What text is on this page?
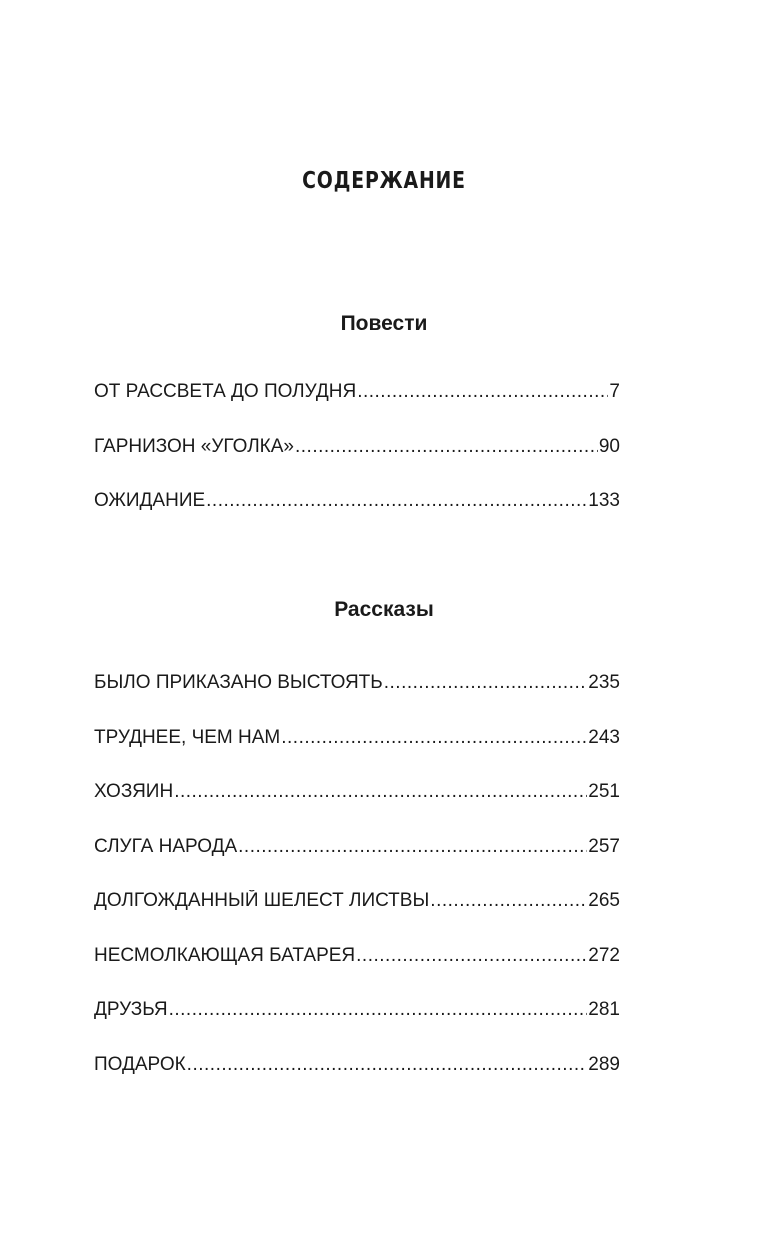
СОДЕРЖАНИЕ
Повести
ОТ РАССВЕТА ДО ПОЛУДНЯ .....	7
ГАРНИЗОН «УГОЛКА» .....	90
ОЖИДАНИЕ .....	133
Рассказы
БЫЛО ПРИКАЗАНО ВЫСТОЯТЬ .....	235
ТРУДНЕЕ, ЧЕМ НАМ .....	243
ХОЗЯИН .....	251
СЛУГА НАРОДА .....	257
ДОЛГОЖДАННЫЙ ШЕЛЕСТ ЛИСТВЫ .....	265
НЕСМОЛКАЮЩАЯ БАТАРЕЯ .....	272
ДРУЗЬЯ .....	281
ПОДАРОК .....	289
